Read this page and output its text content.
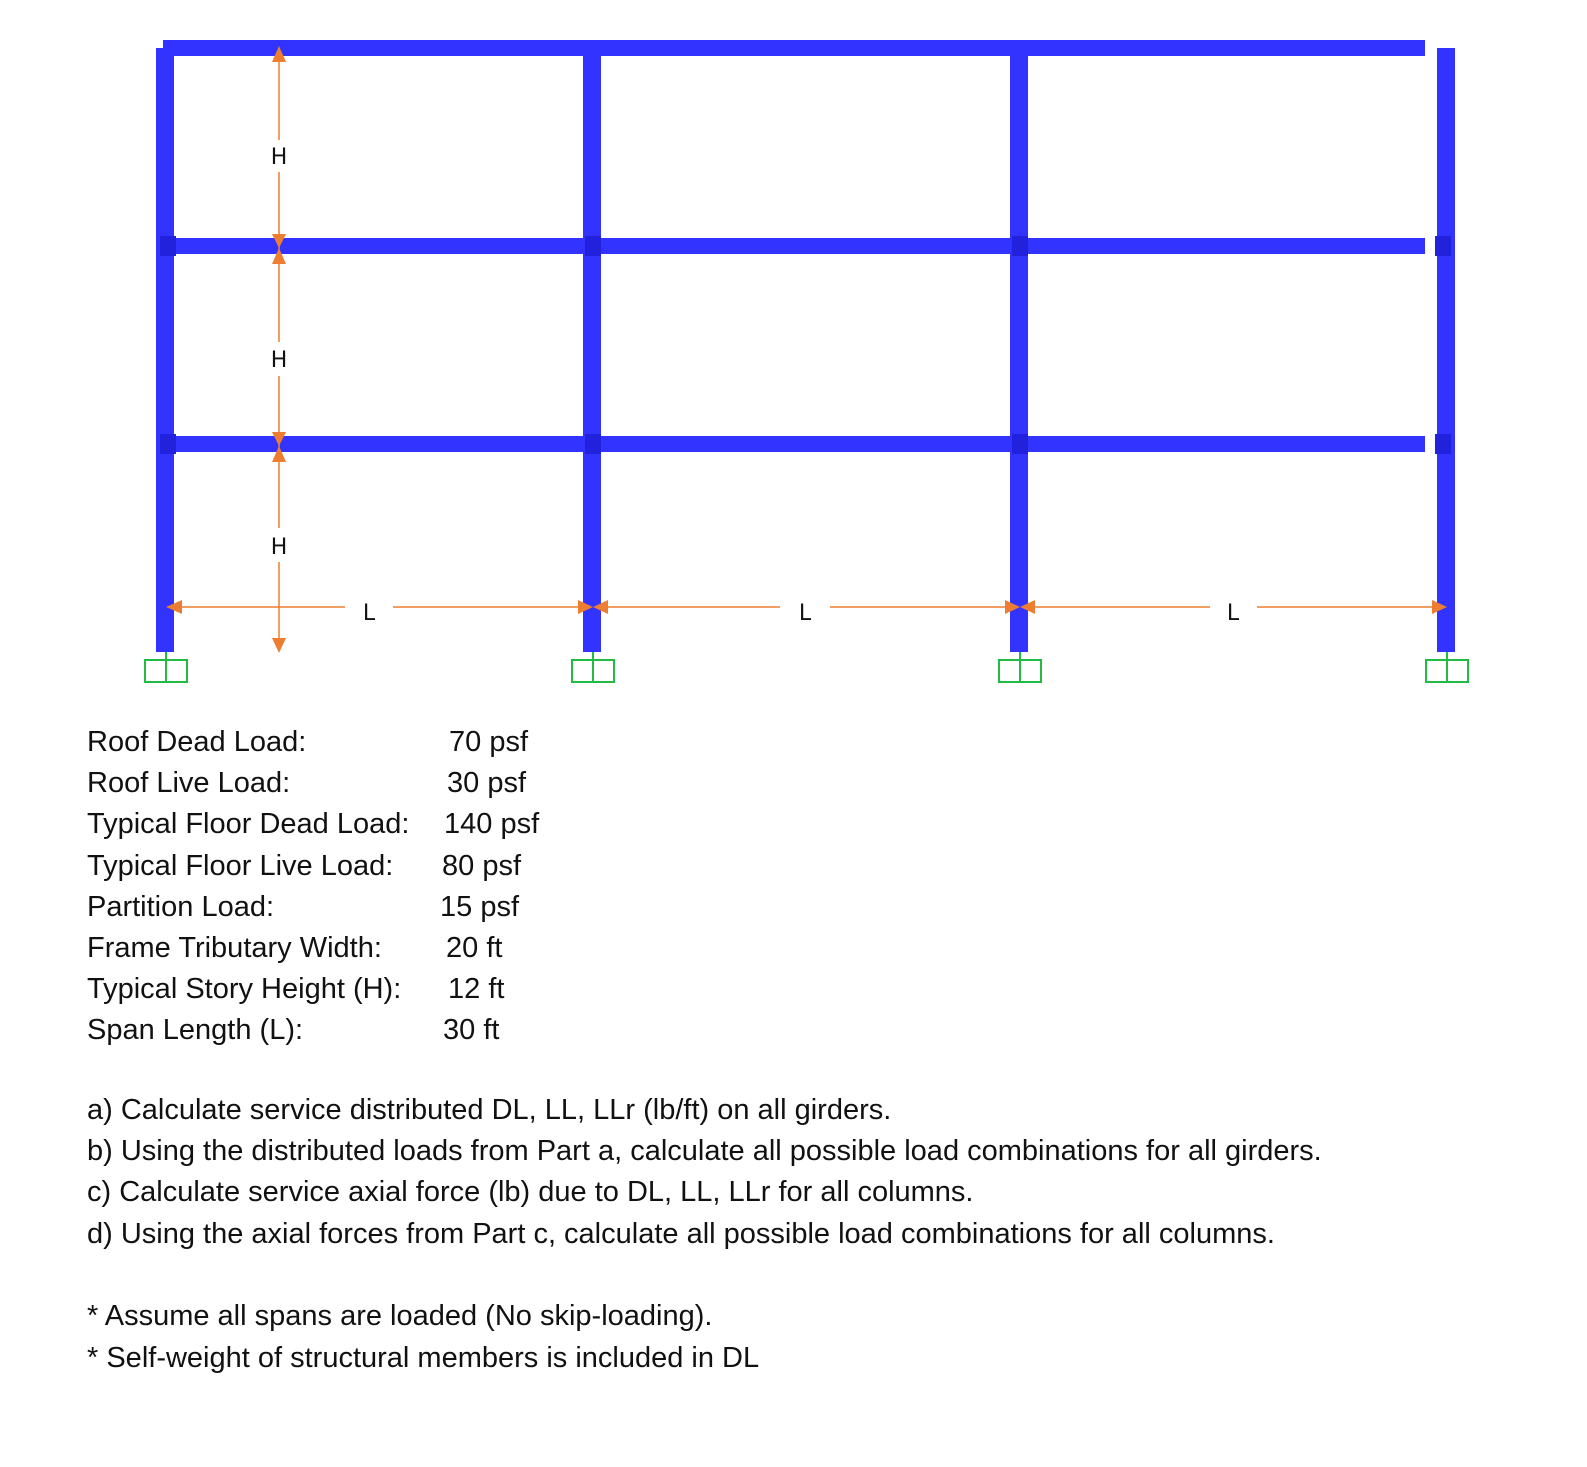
H
H
H
L	L	L
Roof Dead Load:	70 psf
Roof Live Load:	30 psf
Typical Floor Dead Load: 140 psf
Typical Floor Live Load: 80 psf
Partition Load:	15 psf
Frame Tributary Width: 20 ft
Typical Story Height (H): 12 ft
Span Length (L):	30 ft
a) Calculate service distributed DL, LL, LLr (lb/ft) on all girders.
b) Using the distributed loads from Part a, calculate all possible load combinations for all girders.
c) Calculate service axial force (lb) due to DL, LL, LLr for all columns.
d) Using the axial forces from Part c, calculate all possible load combinations for all columns.
* Assume all spans are loaded (No skip-loading).
* Self-weight of structural members is included in DL
